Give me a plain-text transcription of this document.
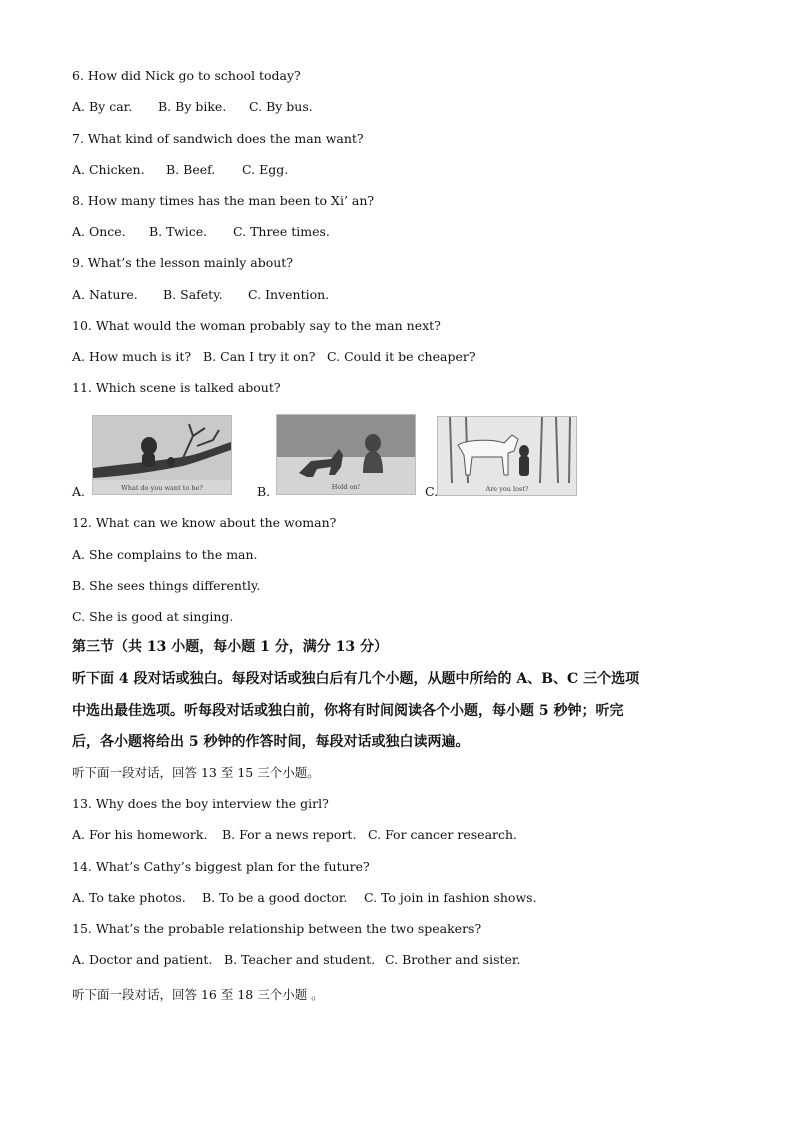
6. How did Nick go to school today?
A. By car. B. By bike. C. By bus.
7. What kind of sandwich does the man want?
A. Chicken. B. Beef. C. Egg.
8. How many times has the man been to Xi’ an?
A. Once. B. Twice. C. Three times.
9. What’s the lesson mainly about?
A. Nature. B. Safety. C. Invention.
10. What would the woman probably say to the man next?
A. How much is it? B. Can I try it on? C. Could it be cheaper?
11. Which scene is talked about?
A.	What do you want to be?	B.	Hold on!	C.	Are you lost?
12. What can we know about the woman?
A. She complains to the man.
B. She sees things differently.
C. She is good at singing.
第三节（共 13 小题，每小题 1 分，满分 13 分）
听下面 4 段对话或独白。每段对话或独白后有几个小题，从题中所给的 A、B、C 三个选项
中选出最佳选项。听每段对话或独白前，你将有时间阅读各个小题，每小题 5 秒钟；听完
后，各小题将给出 5 秒钟的作答时间，每段对话或独白读两遍。
听下面一段对话，回答 13 至 15 三个小题。
13. Why does the boy interview the girl?
A. For his homework. B. For a news report. C. For cancer research.
14. What’s Cathy’s biggest plan for the future?
A. To take photos. B. To be a good doctor. C. To join in fashion shows.
15. What’s the probable relationship between the two speakers?
A. Doctor and patient. B. Teacher and student. C. Brother and sister.
听下面一段对话，回答 16 至 18 三个小题 。
